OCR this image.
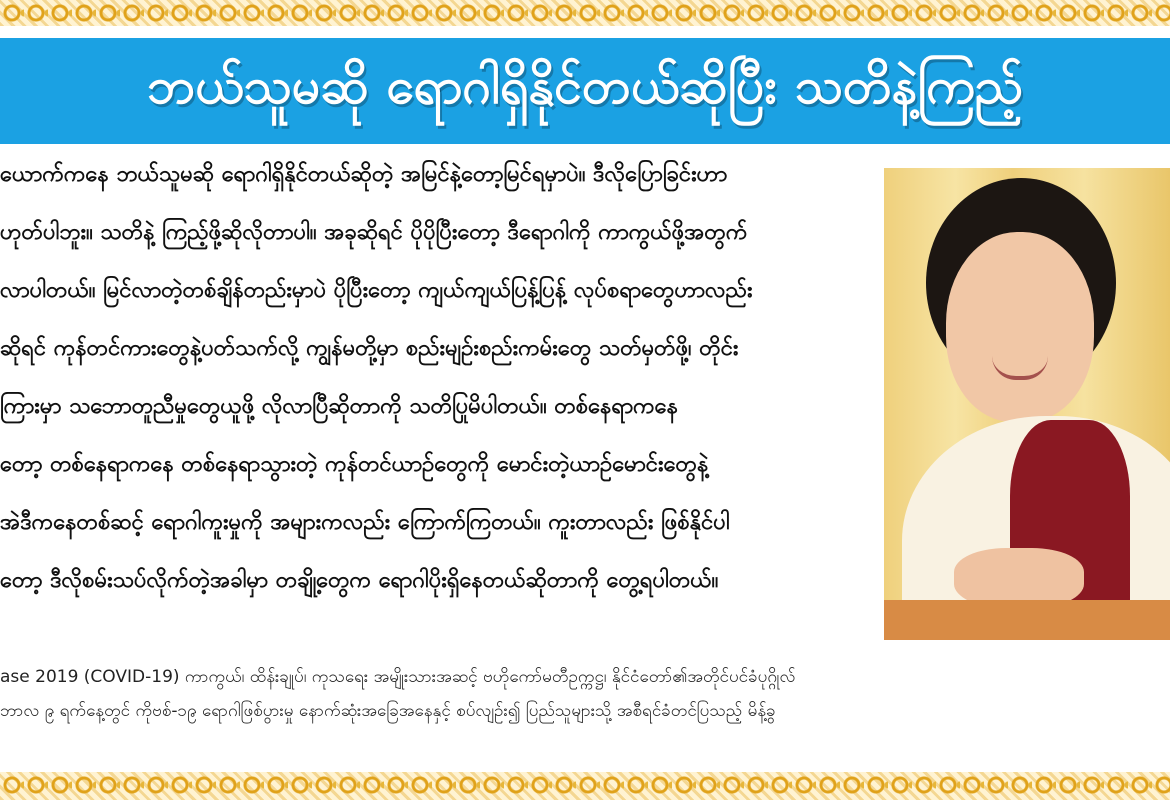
ဘယ်သူမဆို ရောဂါရှိနိုင်တယ်ဆိုပြီး သတိနဲ့ကြည့်
ယောက်ကနေ ဘယ်သူမဆို ရောဂါရှိနိုင်တယ်ဆိုတဲ့ အမြင်နဲ့တော့မြင်ရမှာပဲ။ ဒီလိုပြောခြင်းဟာ
ဟုတ်ပါဘူး။ သတိနဲ့ ကြည့်ဖို့ဆိုလိုတာပါ။ အခုဆိုရင် ပိုပိုပြီးတော့ ဒီရောဂါကို ကာကွယ်ဖို့အတွက်
လာပါတယ်။ မြင်လာတဲ့တစ်ချိန်တည်းမှာပဲ ပိုပြီးတော့ ကျယ်ကျယ်ပြန့်ပြန့် လုပ်စရာတွေဟာလည်း
ဆိုရင် ကုန်တင်ကားတွေနဲ့ပတ်သက်လို့ ကျွန်မတို့မှာ စည်းမျဉ်းစည်းကမ်းတွေ သတ်မှတ်ဖို့၊ တိုင်း
ကြားမှာ သဘောတူညီမှုတွေယူဖို့ လိုလာပြီဆိုတာကို သတိပြုမိပါတယ်။ တစ်နေရာကနေ
တော့ တစ်နေရာကနေ တစ်နေရာသွားတဲ့ ကုန်တင်ယာဉ်တွေကို မောင်းတဲ့ယာဉ်မောင်းတွေနဲ့
အဲဒီကနေတစ်ဆင့် ရောဂါကူးမှုကို အများကလည်း ကြောက်ကြတယ်။ ကူးတာလည်း ဖြစ်နိုင်ပါ
တော့ ဒီလိုစမ်းသပ်လိုက်တဲ့အခါမှာ တချို့တွေက ရောဂါပိုးရှိနေတယ်ဆိုတာကို တွေ့ရပါတယ်။
ase 2019 (COVID-19) ကာကွယ်၊ ထိန်းချုပ်၊ ကုသရေး အမျိုးသားအဆင့် ဗဟိုကော်မတီဥက္ကဋ္ဌ၊ နိုင်ငံတော်၏အတိုင်ပင်ခံပုဂ္ဂိုလ်
ဘာလ ၉ ရက်နေ့တွင် ကိုဗစ်-၁၉ ရောဂါဖြစ်ပွားမှု နောက်ဆုံးအခြေအနေနှင့် စပ်လျဉ်း၍ ပြည်သူများသို့ အစီရင်ခံတင်ပြသည့် မိန့်ခွ
